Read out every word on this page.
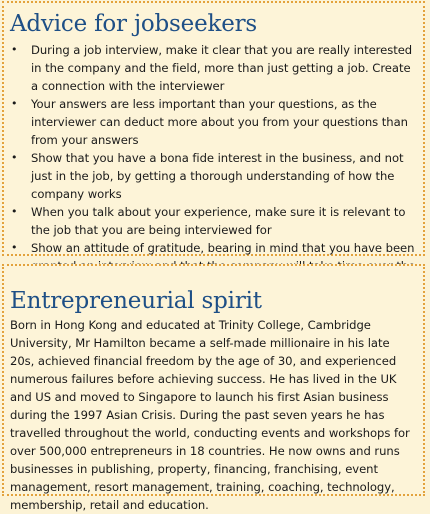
Advice for jobseekers
• During a job interview, make it clear that you are really interested in the company and the field, more than just getting a job. Create a connection with the interviewer
• Your answers are less important than your questions, as the interviewer can deduct more about you from your questions than from your answers
• Show that you have a bona fide interest in the business, and not just in the job, by getting a thorough understanding of how the company works
• When you talk about your experience, make sure it is relevant to the job that you are being interviewed for
• Show an attitude of gratitude, bearing in mind that you have been
Entrepreneurial spirit

Born in Hong Kong and educated at Trinity College, Cambridge University, Mr Hamilton became a self-made millionaire in his late 20s, achieved financial freedom by the age of 30, and experienced numerous failures before achieving success. He has lived in the UK and US and moved to Singapore to launch his first Asian business during the 1997 Asian Crisis. During the past seven years he has travelled throughout the world, conducting events and workshops for over 500,000 entrepreneurs in 18 countries. He now owns and runs businesses in publishing, property, financing, franchising, event management, resort management, training, coaching, technology, membership, retail and education.
